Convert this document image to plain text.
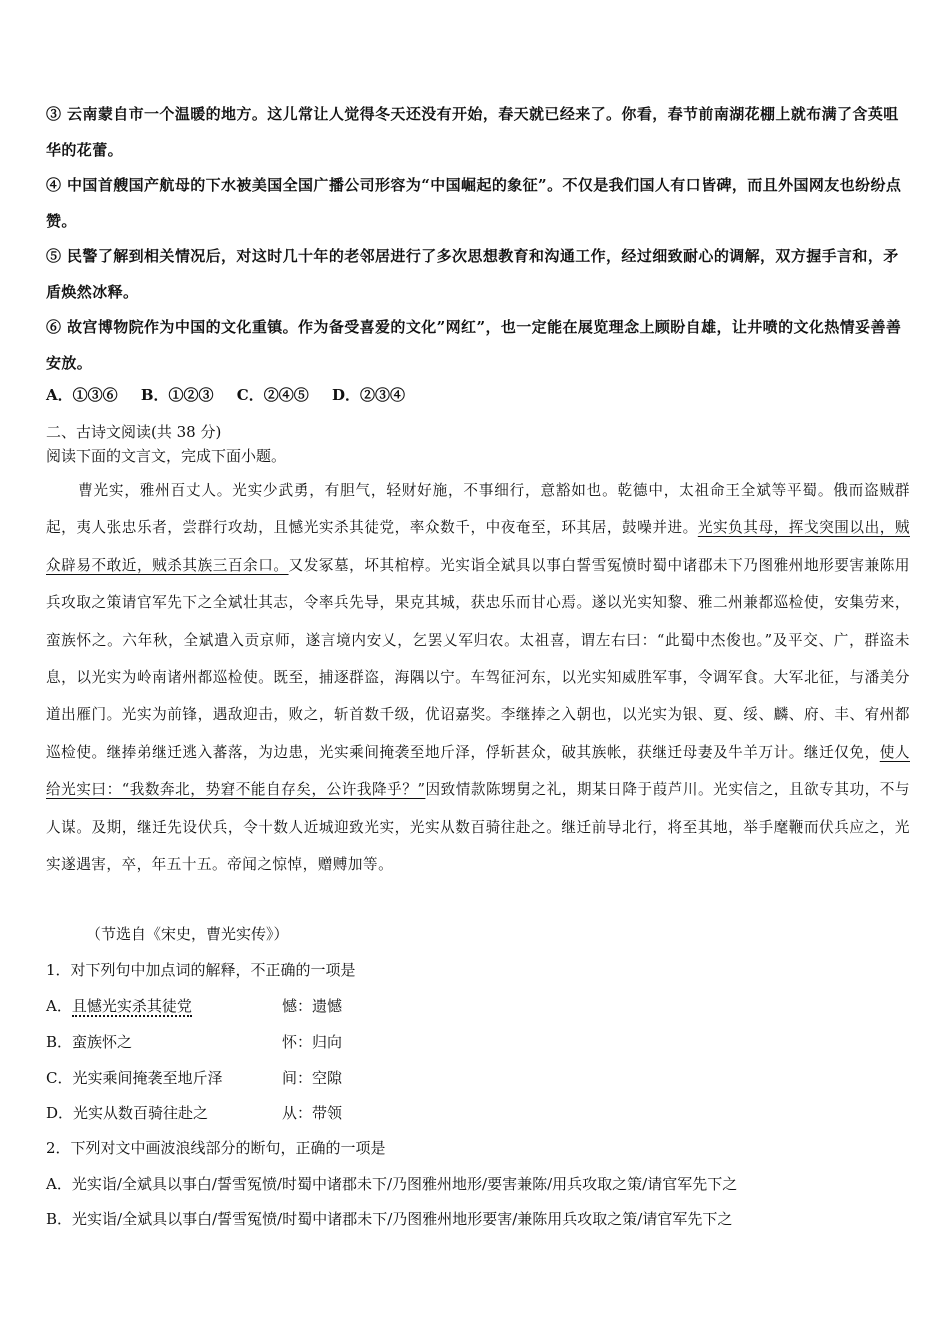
③ 云南蒙自市一个温暖的地方。这儿常让人觉得冬天还没有开始，春天就已经来了。你看，春节前南湖花棚上就布满了含英咀华的花蕾。
④ 中国首艘国产航母的下水被美国全国广播公司形容为“中国崛起的象征”。不仅是我们国人有口皆碑，而且外国网友也纷纷点赞。
⑤ 民警了解到相关情况后，对这时几十年的老邻居进行了多次思想教育和沟通工作，经过细致耐心的调解，双方握手言和，矛盾焕然冰释。
⑥ 故宫博物院作为中国的文化重镇。作为备受喜爱的文化”网红”，也一定能在展览理念上顾盼自雄，让井喷的文化热情妥善善安放。
A．①③⑥ B．①②③ C．②④⑤ D．②③④
二、古诗文阅读(共 38 分)
阅读下面的文言文，完成下面小题。
曹光实，雅州百丈人。光实少武勇，有胆气，轻财好施，不事细行，意豁如也。乾德中，太祖命王全斌等平蜀。俄而盗贼群起，夷人张忠乐者，尝群行攻劫，且憾光实杀其徒党，率众数千，中夜奄至，环其居，鼓噪并进。光实负其母，挥戈突围以出，贼众辟易不敢近，贼杀其族三百余口。又发冢墓，坏其棺椁。光实诣全斌具以事白誓雪冤愤时蜀中诸郡未下乃图雅州地形要害兼陈用兵攻取之策请官军先下之全斌壮其志，令率兵先导，果克其城，获忠乐而甘心焉。遂以光实知黎、雅二州兼都巡检使，安集劳来，蛮族怀之。六年秋，全斌遣入贡京师，遂言境内安乂，乞罢乂军归农。太祖喜，谓左右曰：“此蜀中杰俊也。”及平交、广，群盗未息，以光实为岭南诸州都巡检使。既至，捕逐群盗，海隅以宁。车驾征河东，以光实知威胜军事，令调军食。大军北征，与潘美分道出雁门。光实为前锋，遇敌迎击，败之，斩首数千级，优诏嘉奖。李继捧之入朝也，以光实为银、夏、绥、麟、府、丰、宥州都巡检使。继捧弟继迁逃入蕃落，为边患，光实乘间掩袭至地斤泽，俘斩甚众，破其族帐，获继迁母妻及牛羊万计。继迁仅免，使人给光实曰：“我数奔北，势窘不能自存矣，公许我降乎？”因致情款陈甥舅之礼，期某日降于葭芦川。光实信之，且欲专其功，不与人谋。及期，继迁先设伏兵，令十数人近城迎致光实，光实从数百骑往赴之。继迁前导北行，将至其地，举手麾鞭而伏兵应之，光实遂遇害，卒，年五十五。帝闻之惊悼，赠赙加等。
（节选自《宋史，曹光实传》）
1．对下列句中加点词的解释，不正确的一项是
A．且憾光实杀其徒党	憾：遗憾
B．蛮族怀之	怀：归向
C．光实乘间掩袭至地斤泽	间：空隙
D．光实从数百骑往赴之	从：带领
2．下列对文中画波浪线部分的断句，正确的一项是
A．光实诣/全斌具以事白/誓雪冤愤/时蜀中诸郡未下/乃图雅州地形/要害兼陈/用兵攻取之策/请官军先下之
B．光实诣/全斌具以事白/誓雪冤愤/时蜀中诸郡未下/乃图雅州地形要害/兼陈用兵攻取之策/请官军先下之
